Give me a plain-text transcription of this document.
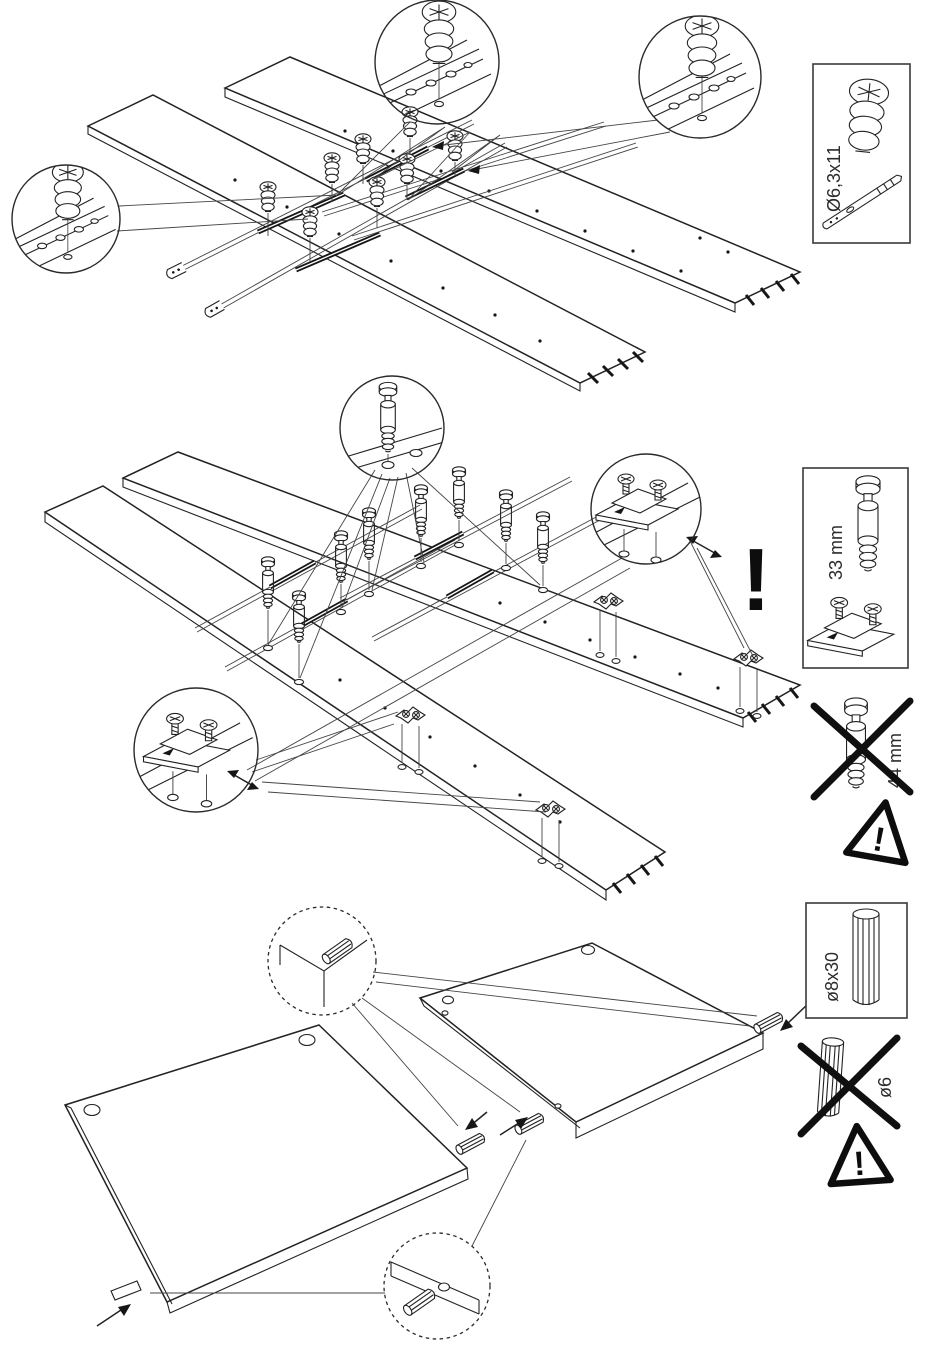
Ø6,3x11
33 mm
!
44 mm
!
ø8x30
ø6
!
